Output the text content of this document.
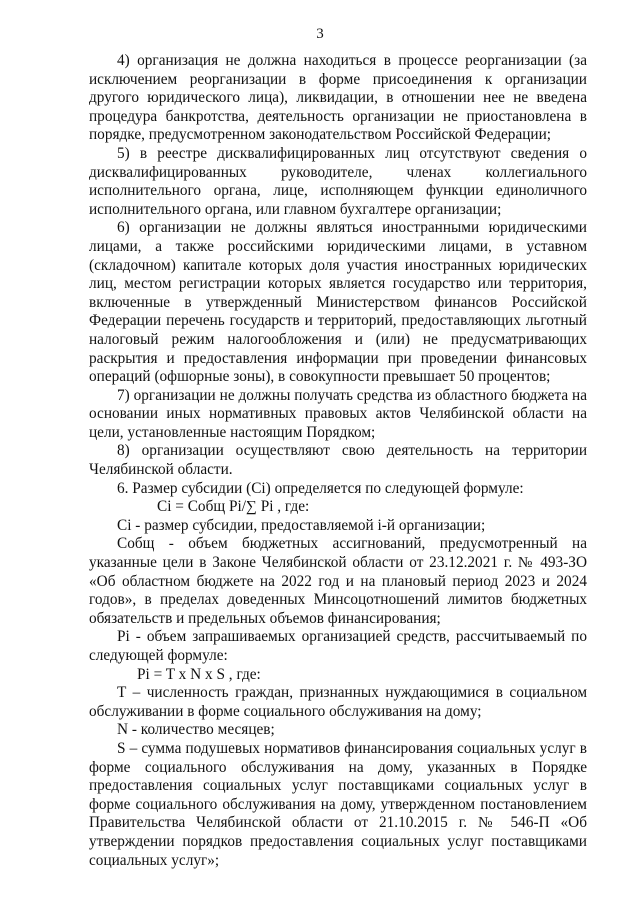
3

4) организация не должна находиться в процессе реорганизации (за исключением реорганизации в форме присоединения к организации другого юридического лица), ликвидации, в отношении нее не введена процедура банкротства, деятельность организации не приостановлена в порядке, предусмотренном законодательством Российской Федерации;

5) в реестре дисквалифицированных лиц отсутствуют сведения о дисквалифицированных руководителе, членах коллегиального исполнительного органа, лице, исполняющем функции единоличного исполнительного органа, или главном бухгалтере организации;

6) организации не должны являться иностранными юридическими лицами, а также российскими юридическими лицами, в уставном (складочном) капитале которых доля участия иностранных юридических лиц, местом регистрации которых является государство или территория, включенные в утвержденный Министерством финансов Российской Федерации перечень государств и территорий, предоставляющих льготный налоговый режим налогообложения и (или) не предусматривающих раскрытия и предоставления информации при проведении финансовых операций (офшорные зоны), в совокупности превышает 50 процентов;

7) организации не должны получать средства из областного бюджета на основании иных нормативных правовых актов Челябинской области на цели, установленные настоящим Порядком;

8) организации осуществляют свою деятельность на территории Челябинской области.

6. Размер субсидии (Ci) определяется по следующей формуле:

Ci = Cобщ Pi/∑ Pi , где:

Ci - размер субсидии, предоставляемой i-й организации;

Cобщ - объем бюджетных ассигнований, предусмотренный на указанные цели в Законе Челябинской области от 23.12.2021 г. № 493-ЗО «Об областном бюджете на 2022 год и на плановый период 2023 и 2024 годов», в пределах доведенных Минсоцотношений лимитов бюджетных обязательств и предельных объемов финансирования;

Pi - объем запрашиваемых организацией средств, рассчитываемый по следующей формуле:

Pi = T x N x S , где:

T – численность граждан, признанных нуждающимися в социальном обслуживании в форме социального обслуживания на дому;

N - количество месяцев;

S – сумма подушевых нормативов финансирования социальных услуг в форме социального обслуживания на дому, указанных в Порядке предоставления социальных услуг поставщиками социальных услуг в форме социального обслуживания на дому, утвержденном постановлением Правительства Челябинской области от 21.10.2015 г. № 546-П «Об утверждении порядков предоставления социальных услуг поставщиками социальных услуг»;
